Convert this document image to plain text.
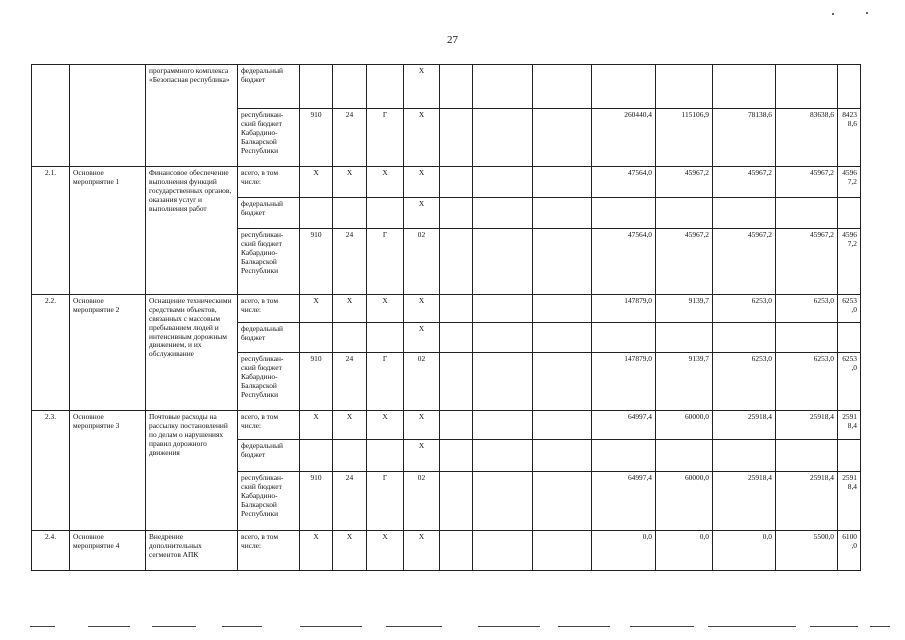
27
		программного комплекса «Безопасная республика»	федеральный бюджет				Х								
			республикан-ский бюджет Кабардино-Балкарской Республики	910	24	Г	Х				260440,4	115106,9	78138,6	83638,6	84238,6
2.1.	Основное мероприятие 1	Финансовое обеспечение выполнения функций государственных органов, оказания услуг и выполнения работ	всего, в том числе:	Х	Х	Х	Х				47564,0	45967,2	45967,2	45967,2	45967,2
			федеральный бюджет				Х								
			республикан-ский бюджет Кабардино-Балкарской Республики	910	24	Г	02				47564,0	45967,2	45967,2	45967,2	45967,2
2.2.	Основное мероприятие 2	Оснащение техническими средствами объектов, связанных с массовым пребыванием людей и интенсивным дорожным движением, и их обслуживание	всего, в том числе:	Х	Х	Х	Х				147879,0	9139,7	6253,0	6253,0	6253,0
			федеральный бюджет				Х								
			республикан-ский бюджет Кабардино-Балкарской Республики	910	24	Г	02				147879,0	9139,7	6253,0	6253,0	6253,0
2.3.	Основное мероприятие 3	Почтовые расходы на рассылку постановлений по делам о нарушениях правил дорожного движения	всего, в том числе:	Х	Х	Х	Х				64997,4	60000,0	25918,4	25918,4	25918,4
			федеральный бюджет				Х								
			республикан-ский бюджет Кабардино-Балкарской Республики	910	24	Г	02				64997,4	60000,0	25918,4	25918,4	25918,4
2.4.	Основное мероприятие 4	Внедрение дополнительных сегментов АПК	всего, в том числе:	Х	Х	Х	Х				0,0	0,0	0,0	5500,0	6100,0
